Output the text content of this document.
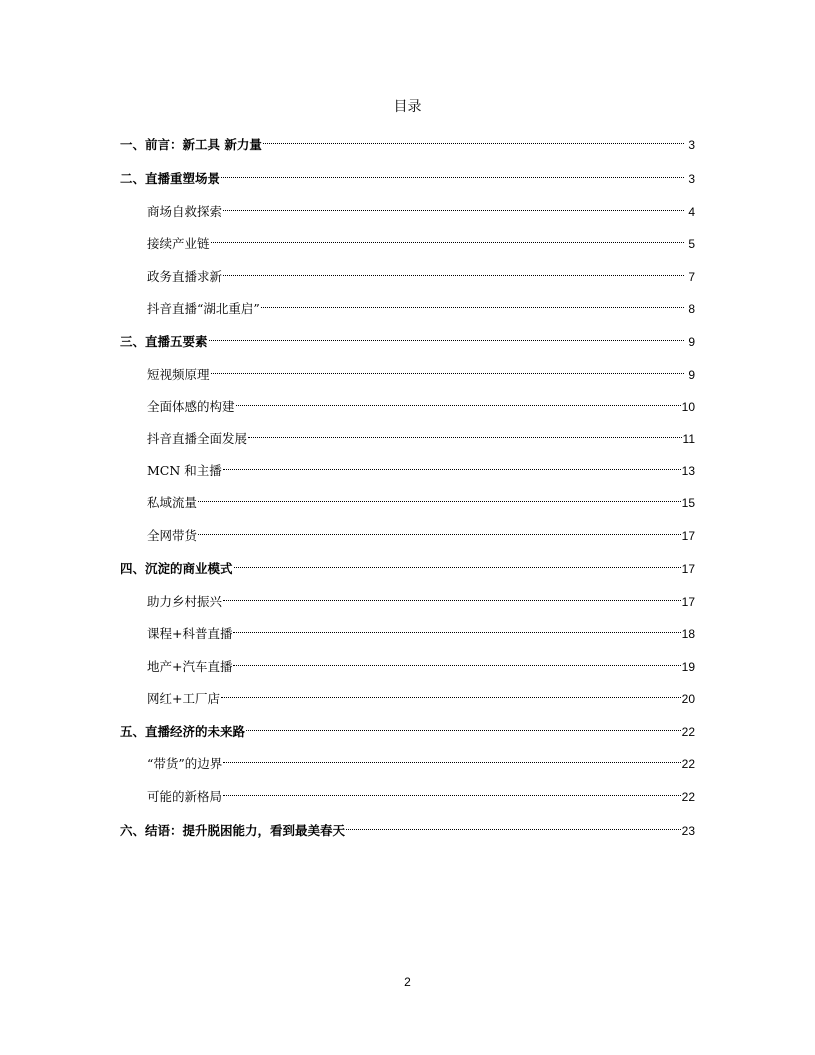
目录
一、前言：新工具 新力量	3
二、直播重塑场景	3
商场自救探索	4
接续产业链	5
政务直播求新	7
抖音直播“湖北重启”	8
三、直播五要素	9
短视频原理	9
全面体感的构建	10
抖音直播全面发展	11
MCN 和主播	13
私域流量	15
全网带货	17
四、沉淀的商业模式	17
助力乡村振兴	17
课程+科普直播	18
地产+汽车直播	19
网红+工厂店	20
五、直播经济的未来路	22
“带货”的边界	22
可能的新格局	22
六、结语：提升脱困能力，看到最美春天	23
2
